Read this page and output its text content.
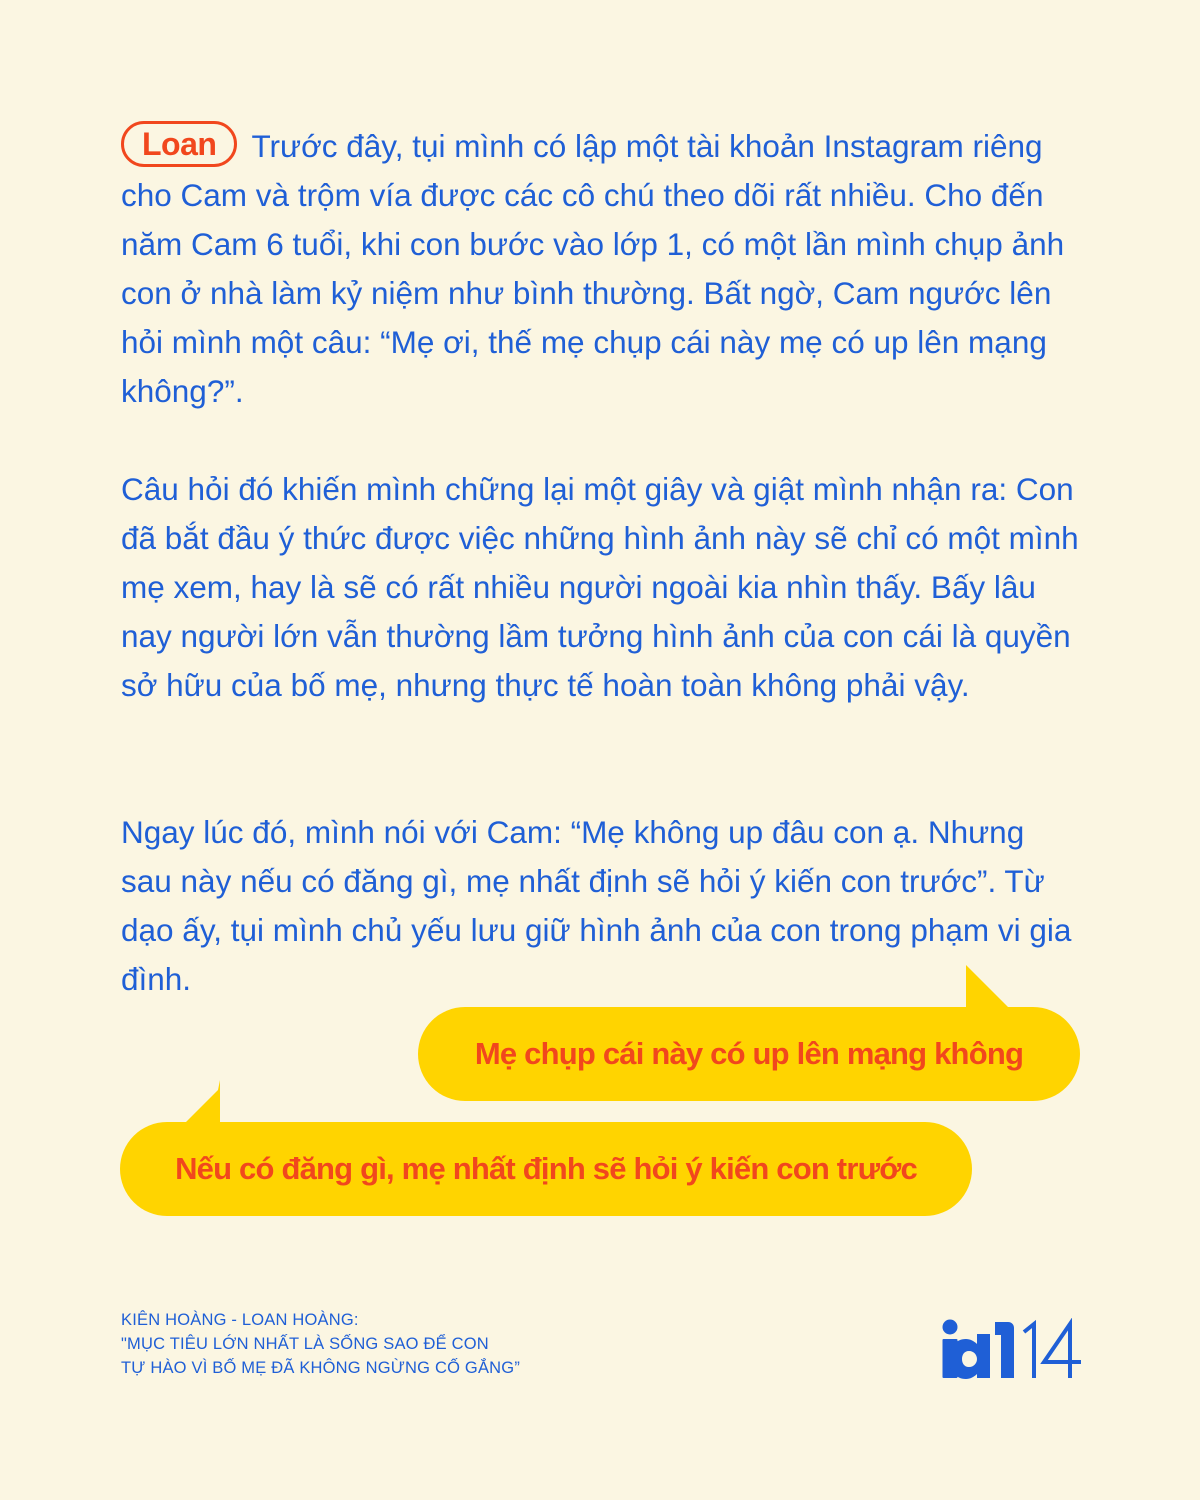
Loan Trước đây, tụi mình có lập một tài khoản Instagram riêng cho Cam và trộm vía được các cô chú theo dõi rất nhiều. Cho đến năm Cam 6 tuổi, khi con bước vào lớp 1, có một lần mình chụp ảnh con ở nhà làm kỷ niệm như bình thường. Bất ngờ, Cam ngước lên hỏi mình một câu: “Mẹ ơi, thế mẹ chụp cái này mẹ có up lên mạng không?”.

Câu hỏi đó khiến mình chững lại một giây và giật mình nhận ra: Con đã bắt đầu ý thức được việc những hình ảnh này sẽ chỉ có một mình mẹ xem, hay là sẽ có rất nhiều người ngoài kia nhìn thấy. Bấy lâu nay người lớn vẫn thường lầm tưởng hình ảnh của con cái là quyền sở hữu của bố mẹ, nhưng thực tế hoàn toàn không phải vậy.

Ngay lúc đó, mình nói với Cam: “Mẹ không up đâu con ạ. Nhưng sau này nếu có đăng gì, mẹ nhất định sẽ hỏi ý kiến con trước”. Từ dạo ấy, tụi mình chủ yếu lưu giữ hình ảnh của con trong phạm vi gia đình.

Mẹ chụp cái này có up lên mạng không
Nếu có đăng gì, mẹ nhất định sẽ hỏi ý kiến con trước
KIÊN HOÀNG - LOAN HOÀNG:
"MỤC TIÊU LỚN NHẤT LÀ SỐNG SAO ĐỂ CON
TỰ HÀO VÌ BỐ MẸ ĐÃ KHÔNG NGỪNG CỐ GẮNG”
